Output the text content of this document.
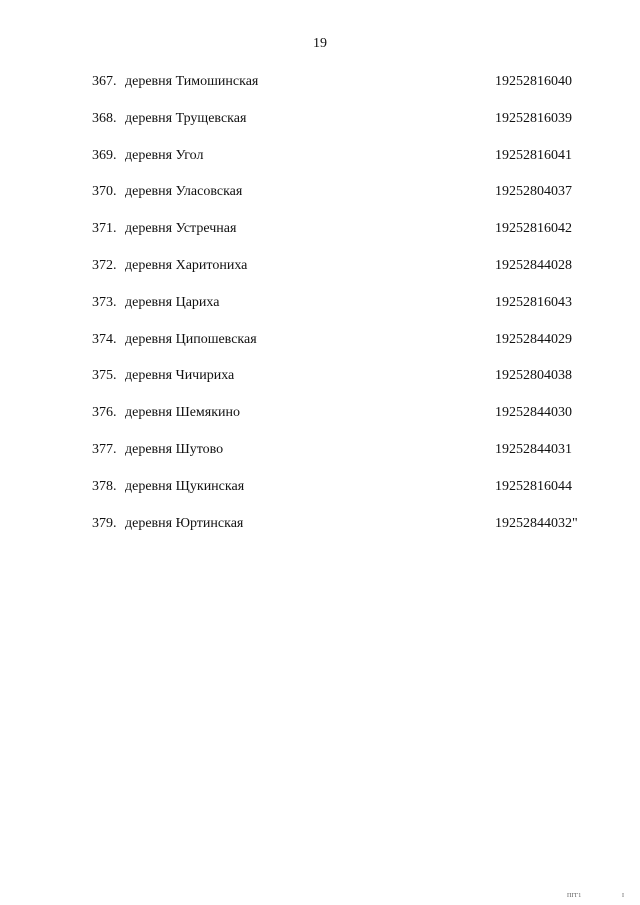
19
367. деревня Тимошинская	19252816040
368. деревня Трущевская	19252816039
369. деревня Угол	19252816041
370. деревня Уласовская	19252804037
371. деревня Устречная	19252816042
372. деревня Харитониха	19252844028
373. деревня Цариха	19252816043
374. деревня Ципошевская	19252844029
375. деревня Чичириха	19252804038
376. деревня Шемякино	19252844030
377. деревня Шутово	19252844031
378. деревня Щукинская	19252816044
379. деревня Юртинская	19252844032"
ΠΓΓ1	I
